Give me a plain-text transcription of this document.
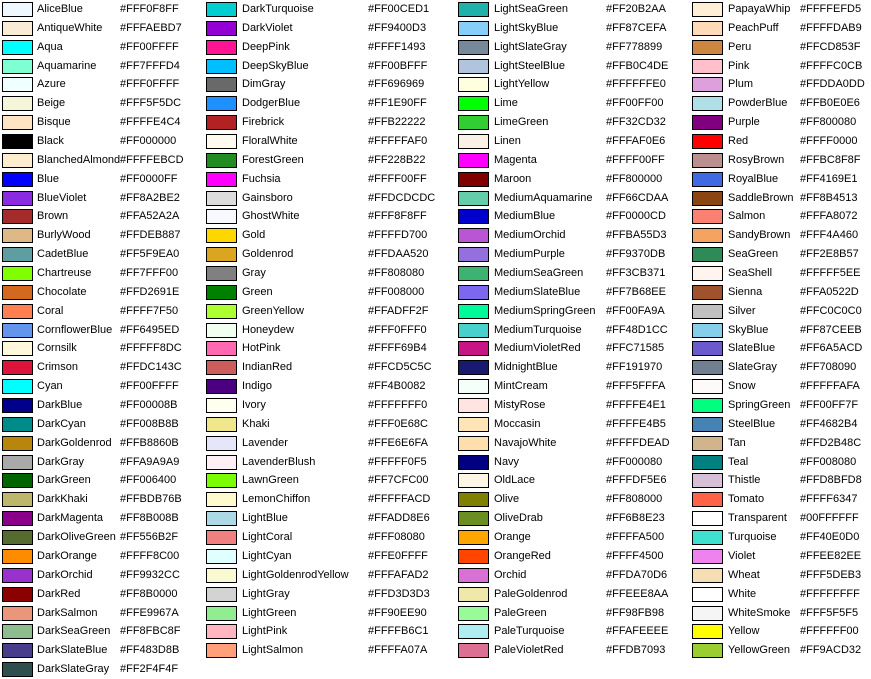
AliceBlue	#FFF0F8FF
AntiqueWhite #FFFAEBD7
Aqua	#FF00FFFF
Aquamarine #FF7FFFD4
Azure	#FFF0FFFF
Beige	#FFF5F5DC
Bisque	#FFFFE4C4
Black	#FF000000
BlanchedAlmond #FFFFEBCD
Blue	#FF0000FF
BlueViolet	#FF8A2BE2
Brown	#FFA52A2A
BurlyWood	#FFDEB887
CadetBlue	#FF5F9EA0
Chartreuse	#FF7FFF00
Chocolate	#FFD2691E
Coral	#FFFF7F50
CornflowerBlue #FF6495ED
Cornsilk	#FFFFF8DC
Crimson	#FFDC143C
Cyan	#FF00FFFF
DarkBlue	#FF00008B
DarkCyan	#FF008B8B
DarkGoldenrod #FFB8860B
DarkGray	#FFA9A9A9
DarkGreen	#FF006400
DarkKhaki	#FFBDB76B
DarkMagenta #FF8B008B
DarkOliveGreen #FF556B2F
DarkOrange #FFFF8C00
DarkOrchid #FF9932CC
DarkRed	#FF8B0000
DarkSalmon #FFE9967A
DarkSeaGreen #FF8FBC8F
DarkSlateBlue #FF483D8B
DarkSlateGray #FF2F4F4F
DarkTurquoise	#FF00CED1
DarkViolet	#FF9400D3
DeepPink	#FFFF1493
DeepSkyBlue	#FF00BFFF
DimGray	#FF696969
DodgerBlue	#FF1E90FF
Firebrick	#FFB22222
FloralWhite	#FFFFFAF0
ForestGreen	#FF228B22
Fuchsia	#FFFF00FF
Gainsboro	#FFDCDCDC
GhostWhite	#FFF8F8FF
Gold	#FFFFD700
Goldenrod	#FFDAA520
Gray	#FF808080
Green	#FF008000
GreenYellow	#FFADFF2F
Honeydew	#FFF0FFF0
HotPink	#FFFF69B4
IndianRed	#FFCD5C5C
Indigo	#FF4B0082
Ivory	#FFFFFFF0
Khaki	#FFF0E68C
Lavender	#FFE6E6FA
LavenderBlush	#FFFFF0F5
LawnGreen	#FF7CFC00
LemonChiffon	#FFFFFACD
LightBlue	#FFADD8E6
LightCoral	#FFF08080
LightCyan	#FFE0FFFF
LightGoldenrodYellow #FFFAFAD2
LightGray	#FFD3D3D3
LightGreen	#FF90EE90
LightPink	#FFFFB6C1
LightSalmon	#FFFFA07A
LightSeaGreen	#FF20B2AA
LightSkyBlue	#FF87CEFA
LightSlateGray	#FF778899
LightSteelBlue	#FFB0C4DE
LightYellow	#FFFFFFE0
Lime	#FF00FF00
LimeGreen	#FF32CD32
Linen	#FFFAF0E6
Magenta	#FFFF00FF
Maroon	#FF800000
MediumAquamarine #FF66CDAA
MediumBlue	#FF0000CD
MediumOrchid	#FFBA55D3
MediumPurple	#FF9370DB
MediumSeaGreen #FF3CB371
MediumSlateBlue #FF7B68EE
MediumSpringGreen #FF00FA9A
MediumTurquoise #FF48D1CC
MediumVioletRed #FFC71585
MidnightBlue	#FF191970
MintCream	#FFF5FFFA
MistyRose	#FFFFE4E1
Moccasin	#FFFFE4B5
NavajoWhite	#FFFFDEAD
Navy	#FF000080
OldLace	#FFFDF5E6
Olive	#FF808000
OliveDrab	#FF6B8E23
Orange	#FFFFA500
OrangeRed	#FFFF4500
Orchid	#FFDA70D6
PaleGoldenrod	#FFEEE8AA
PaleGreen	#FF98FB98
PaleTurquoise	#FFAFEEEE
PaleVioletRed	#FFDB7093
PapayaWhip #FFFFEFD5
PeachPuff #FFFFDAB9
Peru	#FFCD853F
Pink	#FFFFC0CB
Plum	#FFDDA0DD
PowderBlue #FFB0E0E6
Purple	#FF800080
Red	#FFFF0000
RosyBrown #FFBC8F8F
RoyalBlue #FF4169E1
SaddleBrown #FF8B4513
Salmon	#FFFA8072
SandyBrown #FFF4A460
SeaGreen #FF2E8B57
SeaShell	#FFFFF5EE
Sienna	#FFA0522D
Silver	#FFC0C0C0
SkyBlue	#FF87CEEB
SlateBlue #FF6A5ACD
SlateGray #FF708090
Snow	#FFFFFAFA
SpringGreen #FF00FF7F
SteelBlue #FF4682B4
Tan	#FFD2B48C
Teal	#FF008080
Thistle	#FFD8BFD8
Tomato	#FFFF6347
Transparent #00FFFFFF
Turquoise #FF40E0D0
Violet	#FFEE82EE
Wheat	#FFF5DEB3
White	#FFFFFFFF
WhiteSmoke #FFF5F5F5
Yellow	#FFFFFF00
YellowGreen #FF9ACD32
